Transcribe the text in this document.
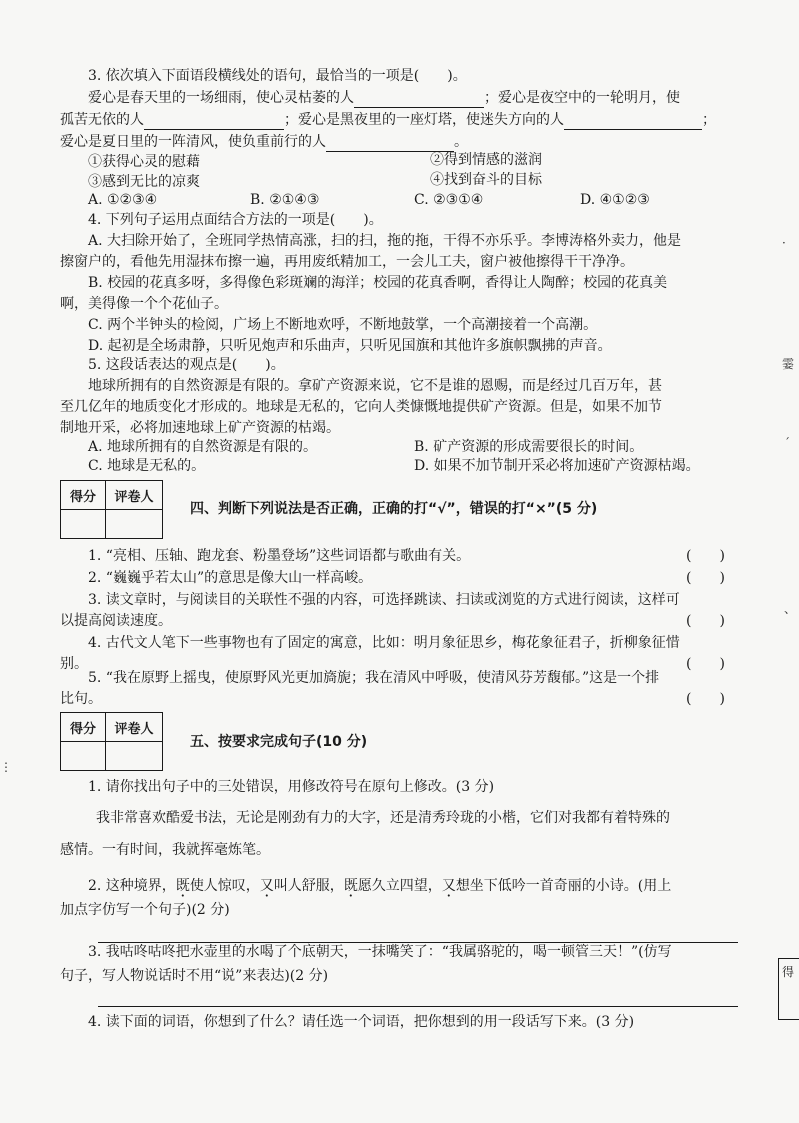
3. 依次填入下面语段横线处的语句，最恰当的一项是(　　)。
爱心是春天里的一场细雨，使心灵枯萎的人	；爱心是夜空中的一轮明月，使
孤苦无依的人	；爱心是黑夜里的一座灯塔，使迷失方向的人	；
爱心是夏日里的一阵清风，使负重前行的人	。
①获得心灵的慰藉	②得到情感的滋润
③感到无比的凉爽	④找到奋斗的目标
A. ①②③④	B. ②①④③	C. ②③①④	D. ④①②③
4. 下列句子运用点面结合方法的一项是(　　)。
A. 大扫除开始了，全班同学热情高涨，扫的扫，拖的拖，干得不亦乐乎。李博涛格外卖力，他是
擦窗户的，看他先用湿抹布擦一遍，再用废纸精加工，一会儿工夫，窗户被他擦得干干净净。
B. 校园的花真多呀，多得像色彩斑斓的海洋；校园的花真香啊，香得让人陶醉；校园的花真美
啊，美得像一个个花仙子。
C. 两个半钟头的检阅，广场上不断地欢呼，不断地鼓掌，一个高潮接着一个高潮。
D. 起初是全场肃静，只听见炮声和乐曲声，只听见国旗和其他许多旗帜飘拂的声音。
5. 这段话表达的观点是(　　)。
地球所拥有的自然资源是有限的。拿矿产资源来说，它不是谁的恩赐，而是经过几百万年，甚
至几亿年的地质变化才形成的。地球是无私的，它向人类慷慨地提供矿产资源。但是，如果不加节
制地开采，必将加速地球上矿产资源的枯竭。
A. 地球所拥有的自然资源是有限的。	B. 矿产资源的形成需要很长的时间。
C. 地球是无私的。	D. 如果不加节制开采必将加速矿产资源枯竭。
得分	评卷人

四、判断下列说法是否正确，正确的打“√”，错误的打“×”(5 分)
1. “亮相、压轴、跑龙套、粉墨登场”这些词语都与歌曲有关。	(　　)
2. “巍巍乎若太山”的意思是像大山一样高峻。	(　　)
3. 读文章时，与阅读目的关联性不强的内容，可选择跳读、扫读或浏览的方式进行阅读，这样可
以提高阅读速度。	(　　)
4. 古代文人笔下一些事物也有了固定的寓意，比如：明月象征思乡，梅花象征君子，折柳象征惜
别。	(　　)
5. “我在原野上摇曳，使原野风光更加旖旎；我在清风中呼吸，使清风芬芳馥郁。”这是一个排
比句。	(　　)
得分	评卷人

五、按要求完成句子(10 分)
1. 请你找出句子中的三处错误，用修改符号在原句上修改。(3 分)
我非常喜欢酷爱书法，无论是刚劲有力的大字，还是清秀玲珑的小楷，它们对我都有着特殊的
感情。一有时间，我就挥毫炼笔。
2. 这种境界，既使人惊叹，又叫人舒服，既愿久立四望，又想坐下低吟一首奇丽的小诗。(用上
加点字仿写一个句子)(2 分)
3. 我咕咚咕咚把水壶里的水喝了个底朝天，一抹嘴笑了：“我属骆驼的，喝一顿管三天！”(仿写
句子，写人物说话时不用“说”来表达)(2 分)
4. 读下面的词语，你想到了什么？请任选一个词语，把你想到的用一段话写下来。(3 分)
·
霎
ˊ
、
⋮
得
